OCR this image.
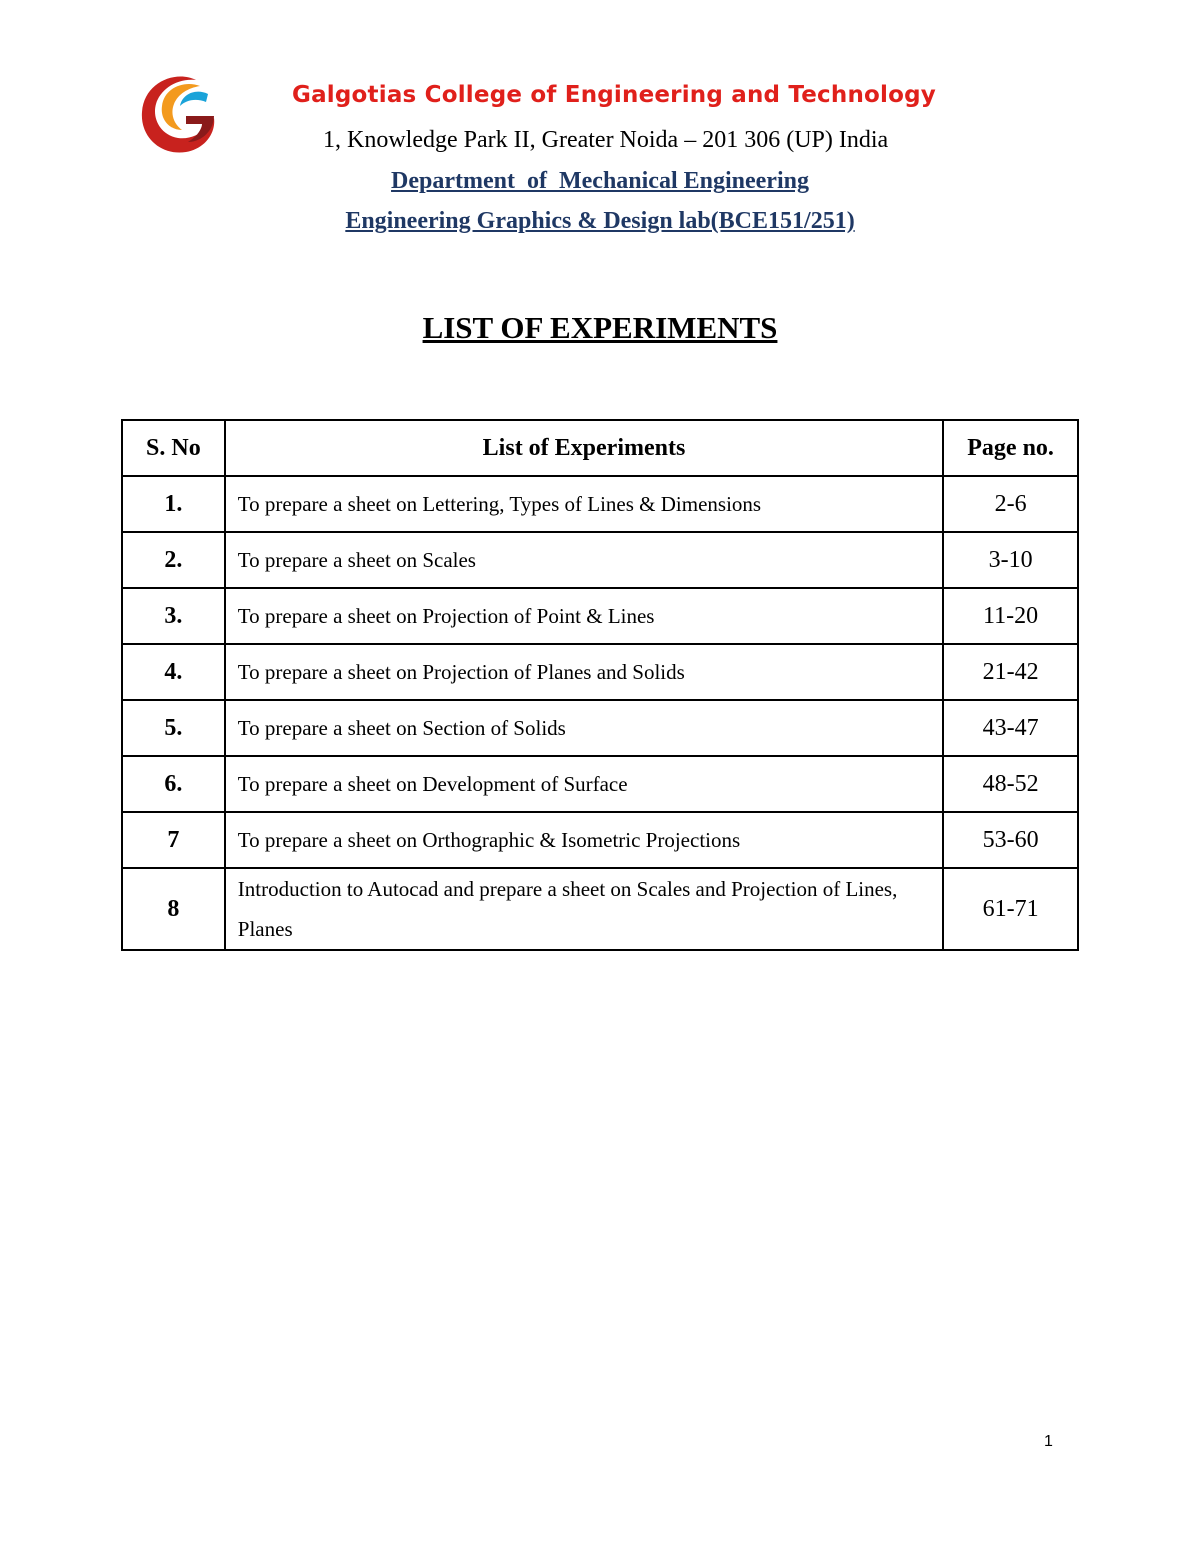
Galgotias College of Engineering and Technology
1, Knowledge Park II, Greater Noida – 201 306 (UP) India
Department  of  Mechanical Engineering
Engineering Graphics & Design lab(BCE151/251)
LIST OF EXPERIMENTS
S. No	List of Experiments	Page no.
1.	To prepare a sheet on Lettering, Types of Lines & Dimensions	2-6
2.	To prepare a sheet on Scales	3-10
3.	To prepare a sheet on Projection of Point & Lines	11-20
4.	To prepare a sheet on Projection of Planes and Solids	21-42
5.	To prepare a sheet on Section of Solids	43-47
6.	To prepare a sheet on Development of Surface	48-52
7	To prepare a sheet on Orthographic & Isometric Projections	53-60
8	Introduction to Autocad and prepare a sheet on Scales and Projection of Lines, Planes	61-71
1
